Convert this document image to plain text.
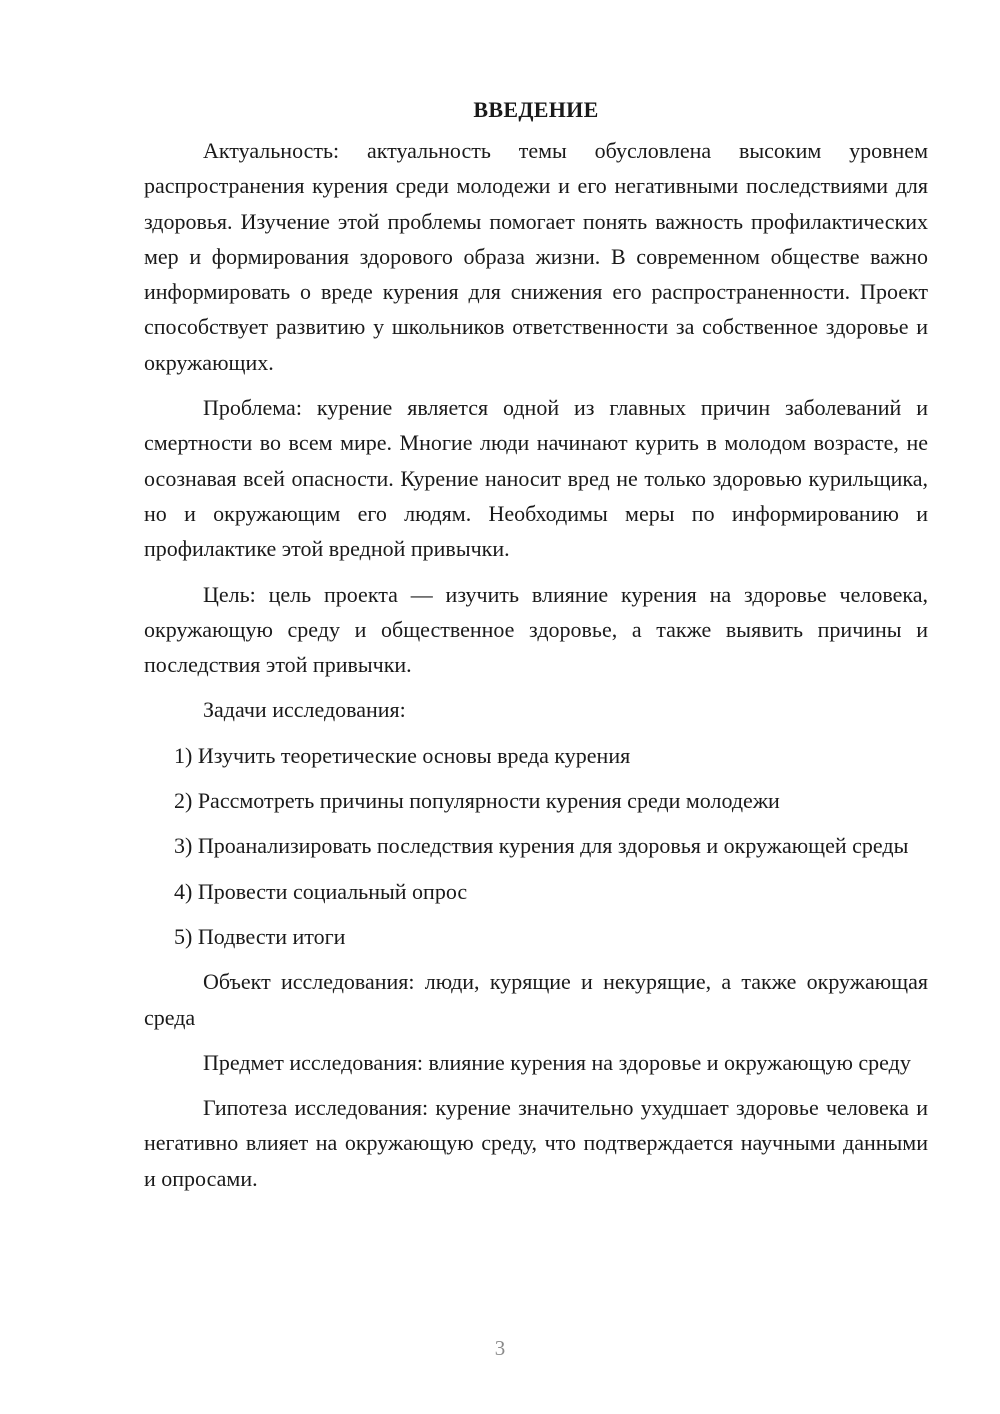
ВВЕДЕНИЕ

Актуальность: актуальность темы обусловлена высоким уровнем распространения курения среди молодежи и его негативными последствиями для здоровья. Изучение этой проблемы помогает понять важность профилактических мер и формирования здорового образа жизни. В современном обществе важно информировать о вреде курения для снижения его распространенности. Проект способствует развитию у школьников ответственности за собственное здоровье и окружающих.

Проблема: курение является одной из главных причин заболеваний и смертности во всем мире. Многие люди начинают курить в молодом возрасте, не осознавая всей опасности. Курение наносит вред не только здоровью курильщика, но и окружающим его людям. Необходимы меры по информированию и профилактике этой вредной привычки.

Цель: цель проекта — изучить влияние курения на здоровье человека, окружающую среду и общественное здоровье, а также выявить причины и последствия этой привычки.

Задачи исследования:

1) Изучить теоретические основы вреда курения

2) Рассмотреть причины популярности курения среди молодежи

3) Проанализировать последствия курения для здоровья и окружающей среды

4) Провести социальный опрос

5) Подвести итоги

Объект исследования: люди, курящие и некурящие, а также окружающая среда

Предмет исследования: влияние курения на здоровье и окружающую среду

Гипотеза исследования: курение значительно ухудшает здоровье человека и негативно влияет на окружающую среду, что подтверждается научными данными и опросами.

3
